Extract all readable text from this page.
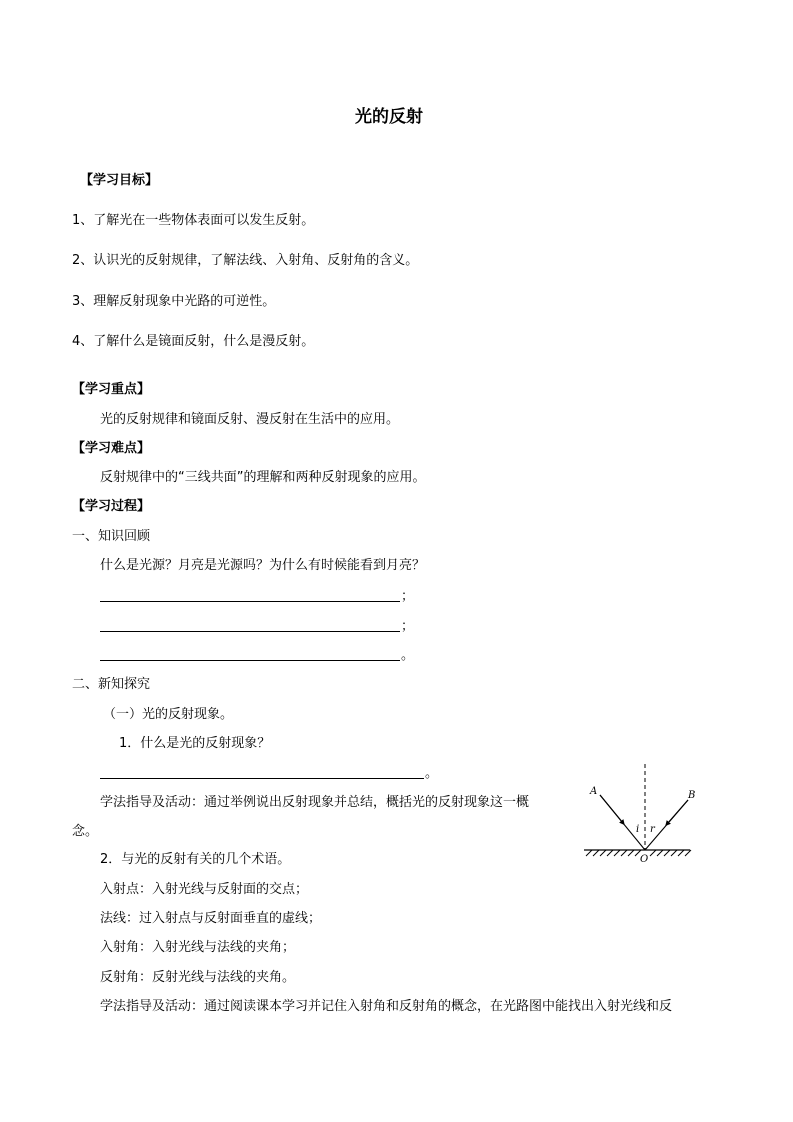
光的反射
【学习目标】
1、了解光在一些物体表面可以发生反射。
2、认识光的反射规律，了解法线、入射角、反射角的含义。
3、理解反射现象中光路的可逆性。
4、了解什么是镜面反射，什么是漫反射。
【学习重点】
光的反射规律和镜面反射、漫反射在生活中的应用。
【学习难点】
反射规律中的“三线共面”的理解和两种反射现象的应用。
【学习过程】
一、知识回顾
什么是光源？月亮是光源吗？为什么有时候能看到月亮？
；
；
。
二、新知探究
（一）光的反射现象。
1．什么是光的反射现象？
。
学法指导及活动：通过举例说出反射现象并总结，概括光的反射现象这一概
念。
2．与光的反射有关的几个术语。
入射点：入射光线与反射面的交点；
法线：过入射点与反射面垂直的虚线；
入射角：入射光线与法线的夹角；
反射角：反射光线与法线的夹角。
学法指导及活动：通过阅读课本学习并记住入射角和反射角的概念，在光路图中能找出入射光线和反
A	B
i r
O
